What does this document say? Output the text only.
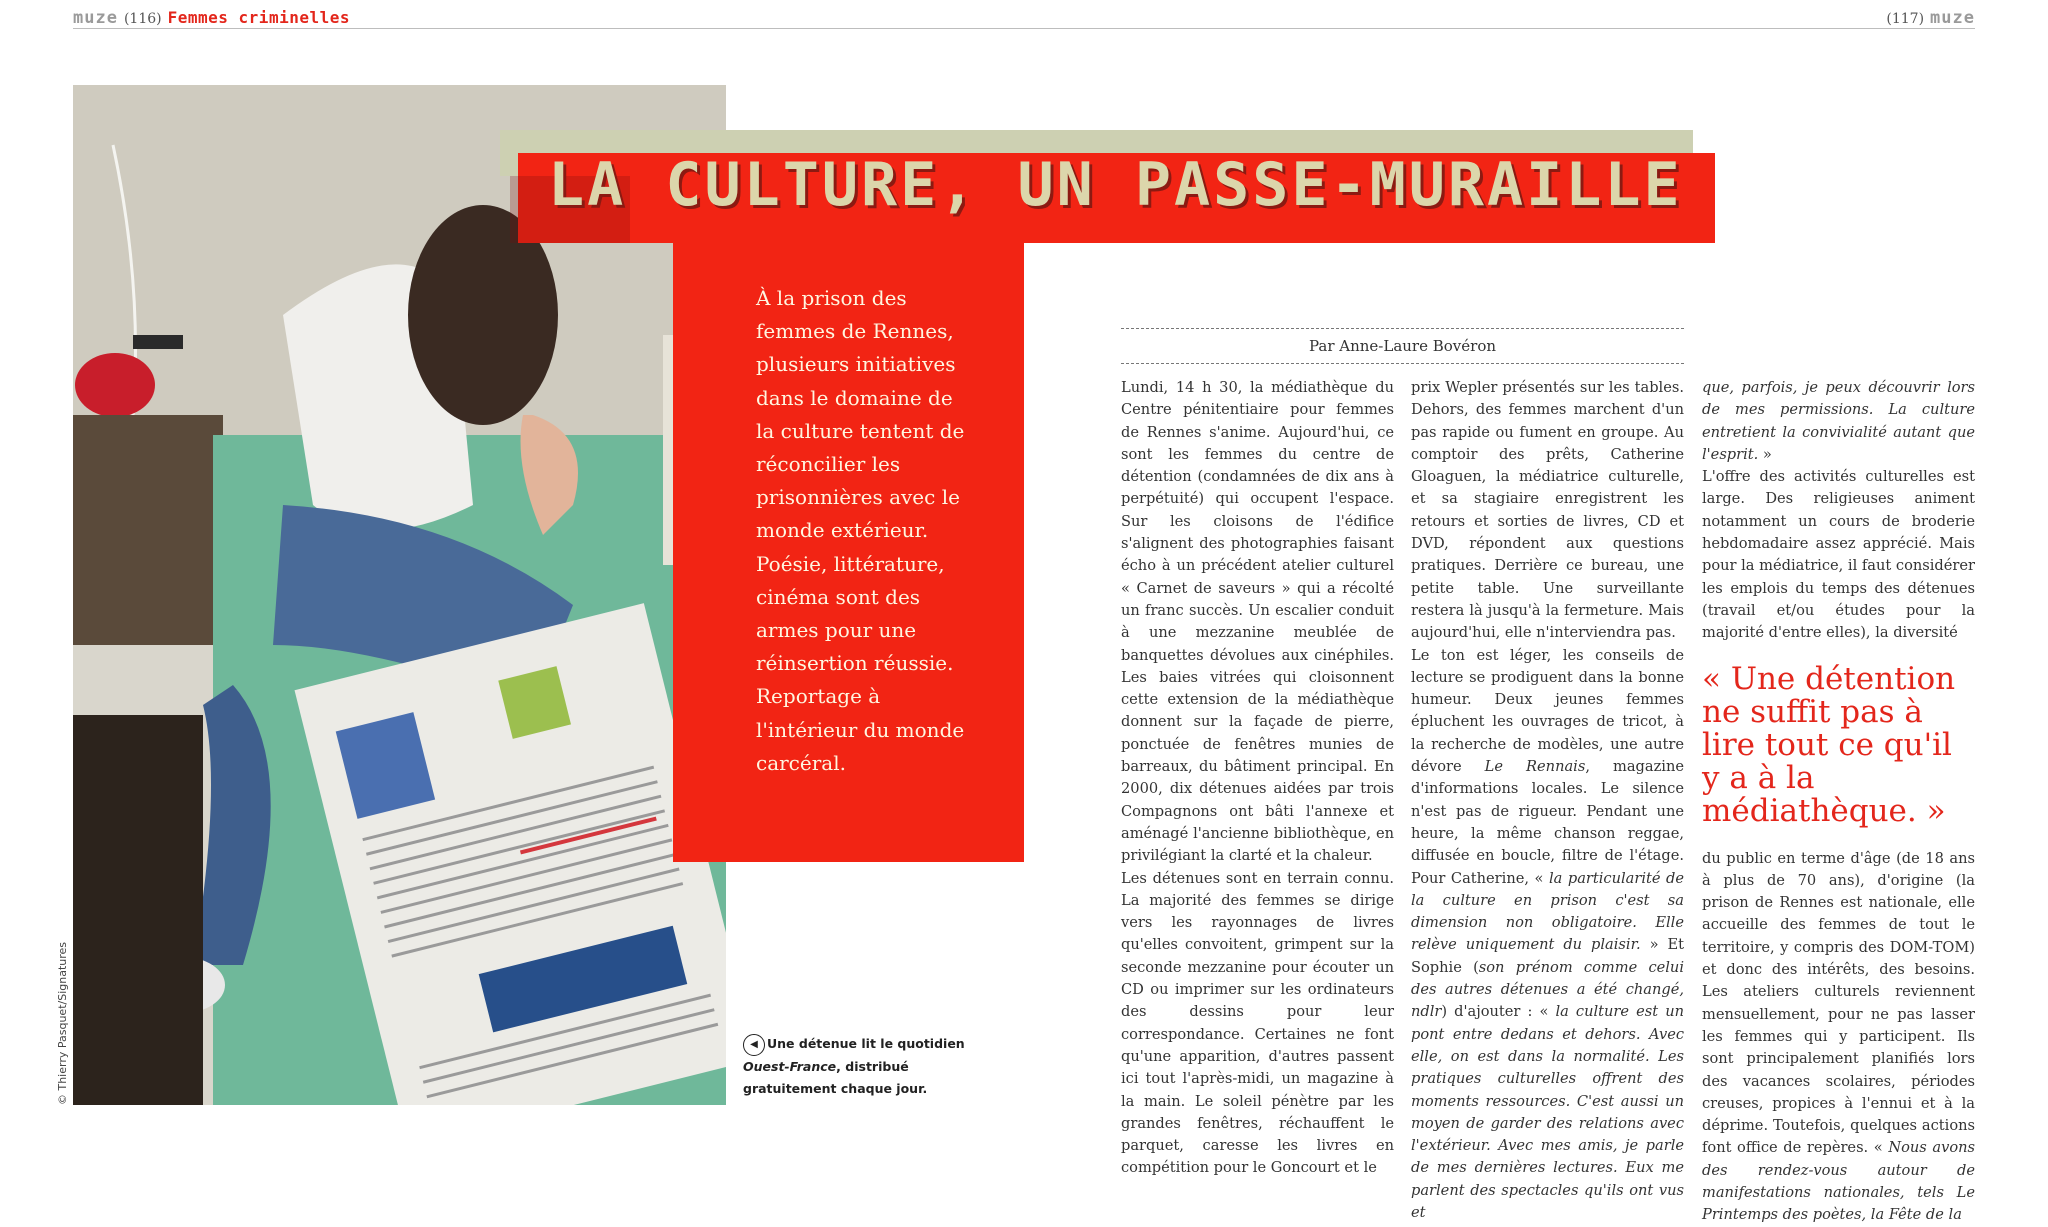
muze (116) Femmes criminelles	(117) muze
© Thierry Pasquet/Signatures
LA CULTURE, UN PASSE-MURAILLE

À la prison des femmes de Rennes, plusieurs initiatives dans le domaine de la culture tentent de réconcilier les prisonnières avec le monde extérieur. Poésie, littérature, cinéma sont des armes pour une réinsertion réussie. Reportage à l'intérieur du monde carcéral.

◀ Une détenue lit le quotidien Ouest-France, distribué gratuitement chaque jour.
Par Anne-Laure Bovéron

Lundi, 14 h 30, la médiathèque du Centre pénitentiaire pour femmes de Rennes s'anime. Aujourd'hui, ce sont les femmes du centre de détention (condamnées de dix ans à perpétuité) qui occupent l'espace. Sur les cloisons de l'édifice s'alignent des photographies faisant écho à un précédent atelier culturel « Carnet de saveurs » qui a récolté un franc succès. Un escalier conduit à une mezzanine meublée de banquettes dévolues aux cinéphiles. Les baies vitrées qui cloisonnent cette extension de la médiathèque donnent sur la façade de pierre, ponctuée de fenêtres munies de barreaux, du bâtiment principal. En 2000, dix détenues aidées par trois Compagnons ont bâti l'annexe et aménagé l'ancienne bibliothèque, en privilégiant la clarté et la chaleur.

Les détenues sont en terrain connu. La majorité des femmes se dirige vers les rayonnages de livres qu'elles convoitent, grimpent sur la seconde mezzanine pour écouter un CD ou imprimer sur les ordinateurs des dessins pour leur correspondance. Certaines ne font qu'une apparition, d'autres passent ici tout l'après-midi, un magazine à la main. Le soleil pénètre par les grandes fenêtres, réchauffent le parquet, caresse les livres en compétition pour le Goncourt et le

prix Wepler présentés sur les tables. Dehors, des femmes marchent d'un pas rapide ou fument en groupe. Au comptoir des prêts, Catherine Gloaguen, la médiatrice culturelle, et sa stagiaire enregistrent les retours et sorties de livres, CD et DVD, répondent aux questions pratiques. Derrière ce bureau, une petite table. Une surveillante restera là jusqu'à la fermeture. Mais aujourd'hui, elle n'interviendra pas.

Le ton est léger, les conseils de lecture se prodiguent dans la bonne humeur. Deux jeunes femmes épluchent les ouvrages de tricot, à la recherche de modèles, une autre dévore Le Rennais, magazine d'informations locales. Le silence n'est pas de rigueur. Pendant une heure, la même chanson reggae, diffusée en boucle, filtre de l'étage. Pour Catherine, « la particularité de la culture en prison c'est sa dimension non obligatoire. Elle relève uniquement du plaisir. » Et Sophie (son prénom comme celui des autres détenues a été changé, ndlr) d'ajouter : « la culture est un pont entre dedans et dehors. Avec elle, on est dans la normalité. Les pratiques culturelles offrent des moments ressources. C'est aussi un moyen de garder des relations avec l'extérieur. Avec mes amis, je parle de mes dernières lectures. Eux me parlent des spectacles qu'ils ont vus et

que, parfois, je peux découvrir lors de mes permissions. La culture entretient la convivialité autant que l'esprit. »

L'offre des activités culturelles est large. Des religieuses animent notamment un cours de broderie hebdomadaire assez apprécié. Mais pour la médiatrice, il faut considérer les emplois du temps des détenues (travail et/ou études pour la majorité d'entre elles), la diversité

« Une détention ne suffit pas à lire tout ce qu'il y a à la médiathèque. »

du public en terme d'âge (de 18 ans à plus de 70 ans), d'origine (la prison de Rennes est nationale, elle accueille des femmes de tout le territoire, y compris des DOM-TOM) et donc des intérêts, des besoins. Les ateliers culturels reviennent mensuellement, pour ne pas lasser les femmes qui y participent. Ils sont principalement planifiés lors des vacances scolaires, périodes creuses, propices à l'ennui et à la déprime. Toutefois, quelques actions font office de repères. « Nous avons des rendez-vous autour de manifestations nationales, tels Le Printemps des poètes, la Fête de la
